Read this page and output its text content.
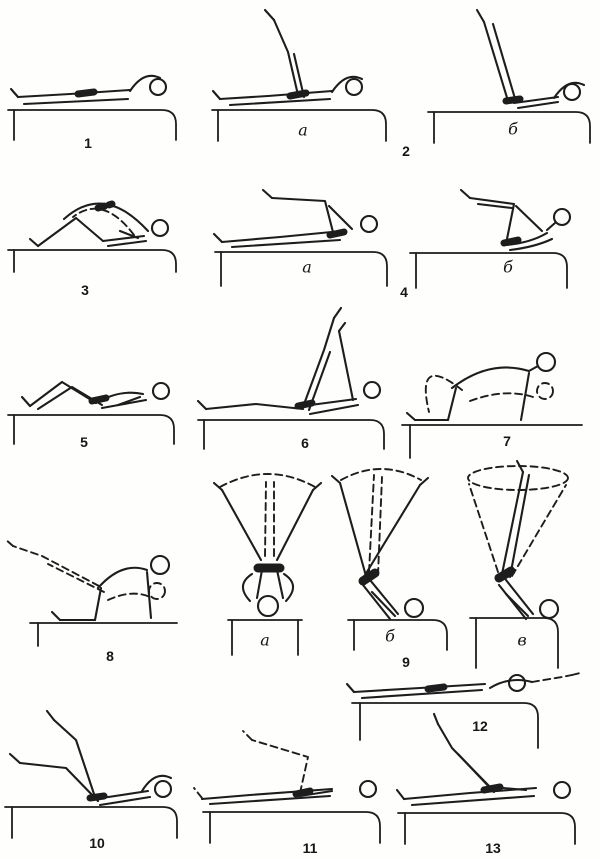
1
а	б
2
3
а	б
4
5	6	7
8
а	б	в
9
12
10	11	13
